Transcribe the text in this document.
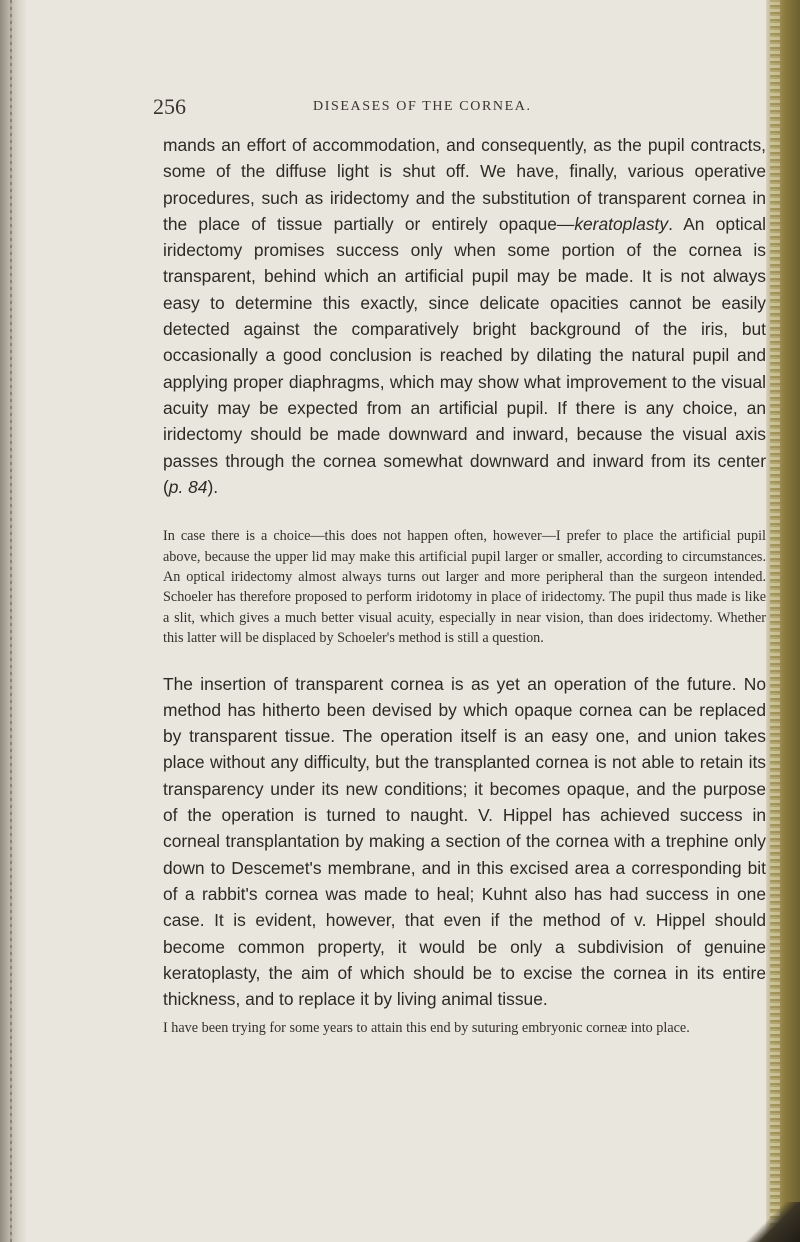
256	DISEASES OF THE CORNEA.

mands an effort of accommodation, and consequently, as the pupil contracts, some of the diffuse light is shut off. We have, finally, various operative procedures, such as iridectomy and the substitution of transparent cornea in the place of tissue partially or entirely opaque—keratoplasty. An optical iridectomy promises success only when some portion of the cornea is transparent, behind which an artificial pupil may be made. It is not always easy to determine this exactly, since delicate opacities cannot be easily detected against the comparatively bright background of the iris, but occasionally a good conclusion is reached by dilating the natural pupil and applying proper diaphragms, which may show what improvement to the visual acuity may be expected from an artificial pupil. If there is any choice, an iridectomy should be made downward and inward, because the visual axis passes through the cornea somewhat downward and inward from its center (p. 84).

In case there is a choice—this does not happen often, however—I prefer to place the artificial pupil above, because the upper lid may make this artificial pupil larger or smaller, according to circumstances. An optical iridectomy almost always turns out larger and more peripheral than the surgeon intended. Schoeler has therefore proposed to perform iridotomy in place of iridectomy. The pupil thus made is like a slit, which gives a much better visual acuity, especially in near vision, than does iridectomy. Whether this latter will be displaced by Schoeler's method is still a question.

The insertion of transparent cornea is as yet an operation of the future. No method has hitherto been devised by which opaque cornea can be replaced by transparent tissue. The operation itself is an easy one, and union takes place without any difficulty, but the transplanted cornea is not able to retain its transparency under its new conditions; it becomes opaque, and the purpose of the operation is turned to naught. V. Hippel has achieved success in corneal transplantation by making a section of the cornea with a trephine only down to Descemet's membrane, and in this excised area a corresponding bit of a rabbit's cornea was made to heal; Kuhnt also has had success in one case. It is evident, however, that even if the method of v. Hippel should become common property, it would be only a subdivision of genuine keratoplasty, the aim of which should be to excise the cornea in its entire thickness, and to replace it by living animal tissue.

I have been trying for some years to attain this end by suturing embryonic corneæ into place.
